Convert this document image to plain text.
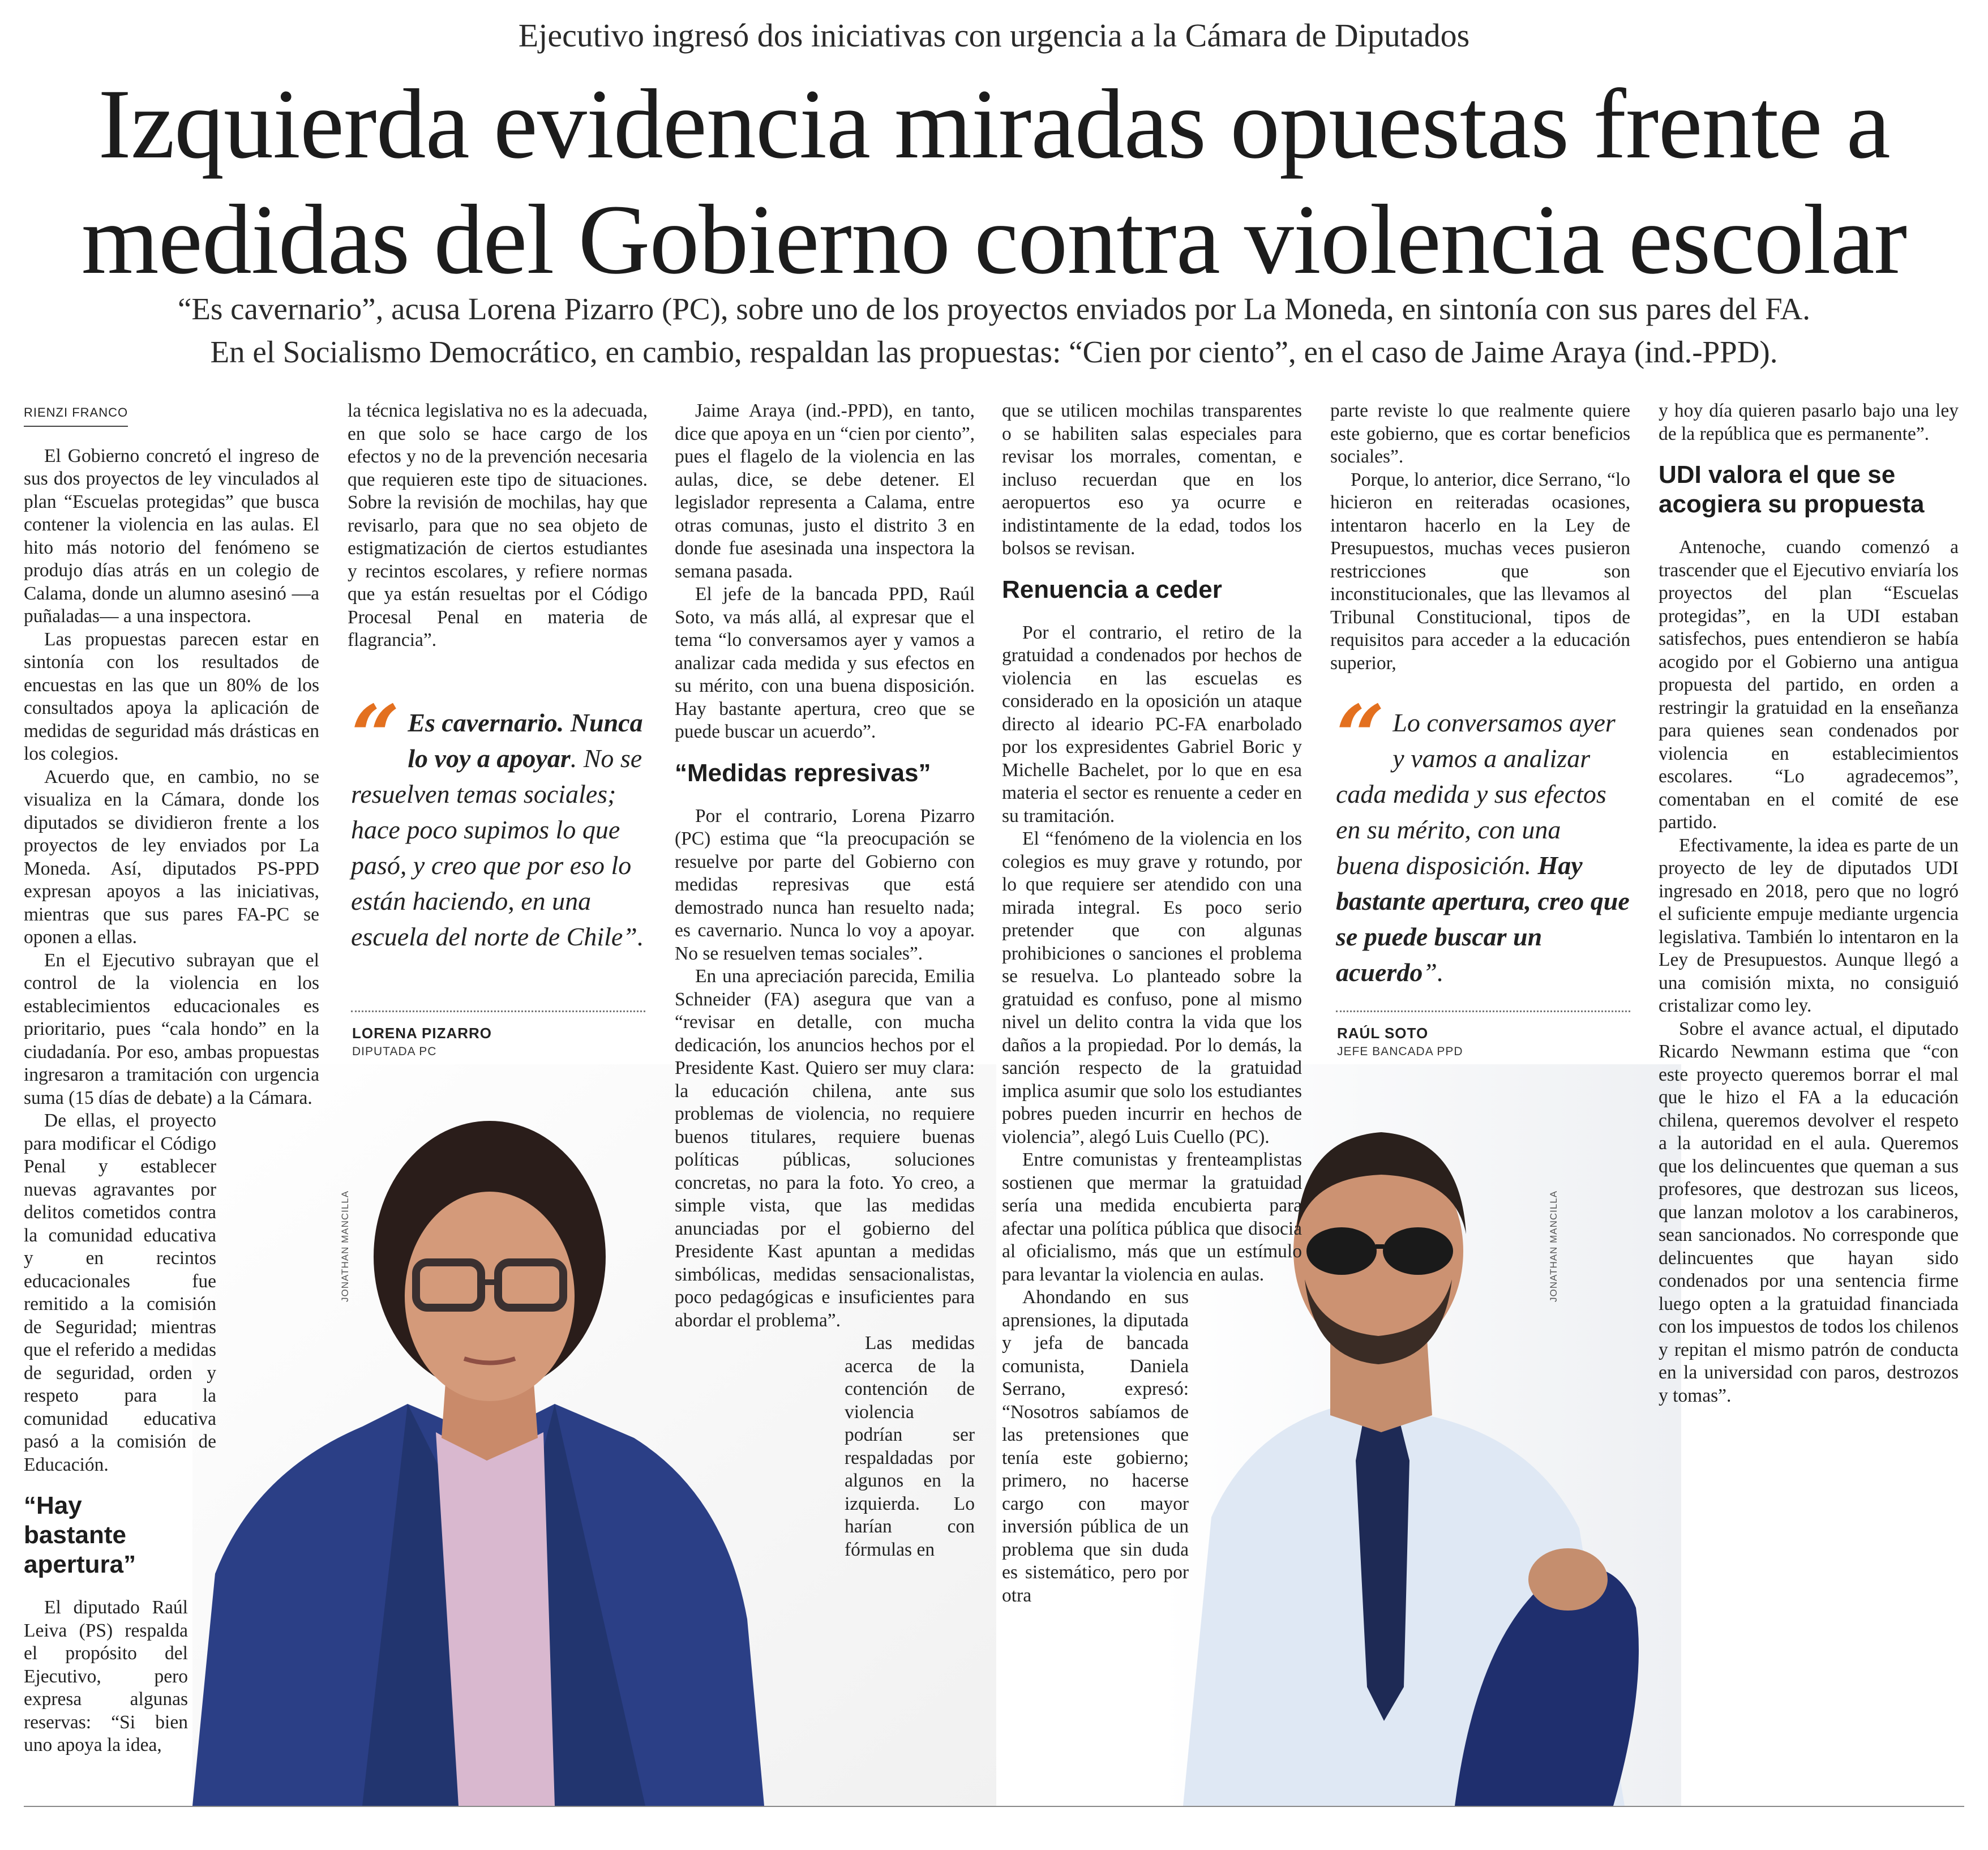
Ejecutivo ingresó dos iniciativas con urgencia a la Cámara de Diputados
Izquierda evidencia miradas opuestas frente a
medidas del Gobierno contra violencia escolar
“Es cavernario”, acusa Lorena Pizarro (PC), sobre uno de los proyectos enviados por La Moneda, en sintonía con sus pares del FA.
En el Socialismo Democrático, en cambio, respaldan las propuestas: “Cien por ciento”, en el caso de Jaime Araya (ind.-PPD).
JONATHAN MANCILLA	JONATHAN MANCILLA
RIENZI FRANCO

El Gobierno concretó el ingreso de sus dos proyectos de ley vinculados al plan “Escuelas protegidas” que busca contener la violencia en las aulas. El hito más notorio del fenómeno se produjo días atrás en un colegio de Calama, donde un alumno asesinó —a puñaladas— a una inspectora.

Las propuestas parecen estar en sintonía con los resultados de encuestas en las que un 80% de los consultados apoya la aplicación de medidas de seguridad más drásticas en los colegios.

Acuerdo que, en cambio, no se visualiza en la Cámara, donde los diputados se dividieron frente a los proyectos de ley enviados por La Moneda. Así, diputados PS-PPD expresan apoyos a las iniciativas, mientras que sus pares FA-PC se oponen a ellas.

En el Ejecutivo subrayan que el control de la violencia en los establecimientos educacionales es prioritario, pues “cala hondo” en la ciudadanía. Por eso, ambas propuestas ingresaron a tramitación con urgencia suma (15 días de debate) a la Cámara.

De ellas, el proyecto para modificar el Código Penal y establecer nuevas agravantes por delitos cometidos contra la comunidad educativa y en recintos educacionales fue remitido a la comisión de Seguridad; mientras que el referido a medidas de seguridad, orden y respeto para la comunidad educativa pasó a la comisión de Educación.

“Hay bastante apertura”

El diputado Raúl Leiva (PS) respalda el propósito del Ejecutivo, pero expresa algunas reservas: “Si bien uno apoya la idea,

la técnica legislativa no es la adecuada, en que solo se hace cargo de los efectos y no de la prevención necesaria que requieren este tipo de situaciones. Sobre la revisión de mochilas, hay que revisarlo, para que no sea objeto de estigmatización de ciertos estudiantes y recintos escolares, y refiere normas que ya están resueltas por el Código Procesal Penal en materia de flagrancia”.

“ Es cavernario. Nunca lo voy a apoyar. No se resuelven temas sociales; hace poco supimos lo que pasó, y creo que por eso lo están haciendo, en una escuela del norte de Chile”.
LORENA PIZARRO
DIPUTADA PC

Jaime Araya (ind.-PPD), en tanto, dice que apoya en un “cien por ciento”, pues el flagelo de la violencia en las aulas, dice, se debe detener. El legislador representa a Calama, entre otras comunas, justo el distrito 3 en donde fue asesinada una inspectora la semana pasada.

El jefe de la bancada PPD, Raúl Soto, va más allá, al expresar que el tema “lo conversamos ayer y vamos a analizar cada medida y sus efectos en su mérito, con una buena disposición. Hay bastante apertura, creo que se puede buscar un acuerdo”.

“Medidas represivas”

Por el contrario, Lorena Pizarro (PC) estima que “la preocupación se resuelve por parte del Gobierno con medidas represivas que está demostrado nunca han resuelto nada; es cavernario. Nunca lo voy a apoyar. No se resuelven temas sociales”.

En una apreciación parecida, Emilia Schneider (FA) asegura que van a “revisar en detalle, con mucha dedicación, los anuncios hechos por el Presidente Kast. Quiero ser muy clara: la educación chilena, ante sus problemas de violencia, no requiere buenos titulares, requiere buenas políticas públicas, soluciones concretas, no para la foto. Yo creo, a simple vista, que las medidas anunciadas por el gobierno del Presidente Kast apuntan a medidas simbólicas, medidas sensacionalistas, poco pedagógicas e insuficientes para abordar el problema”.

Las medidas acerca de la contención de violencia podrían ser respaldadas por algunos en la izquierda. Lo harían con fórmulas en

que se utilicen mochilas transparentes o se habiliten salas especiales para revisar los morrales, comentan, e incluso recuerdan que en los aeropuertos eso ya ocurre e indistintamente de la edad, todos los bolsos se revisan.

Renuencia a ceder

Por el contrario, el retiro de la gratuidad a condenados por hechos de violencia en las escuelas es considerado en la oposición un ataque directo al ideario PC-FA enarbolado por los expresidentes Gabriel Boric y Michelle Bachelet, por lo que en esa materia el sector es renuente a ceder en su tramitación.

El “fenómeno de la violencia en los colegios es muy grave y rotundo, por lo que requiere ser atendido con una mirada integral. Es poco serio pretender que con algunas prohibiciones o sanciones el problema se resuelva. Lo planteado sobre la gratuidad es confuso, pone al mismo nivel un delito contra la vida que los daños a la propiedad. Por lo demás, la sanción respecto de la gratuidad implica asumir que solo los estudiantes pobres pueden incurrir en hechos de violencia”, alegó Luis Cuello (PC).

Entre comunistas y frenteamplistas sostienen que mermar la gratuidad sería una medida encubierta para afectar una política pública que disocia al oficialismo, más que un estímulo para levantar la violencia en aulas.

Ahondando en sus aprensiones, la diputada y jefa de bancada comunista, Daniela Serrano, expresó: “Nosotros sabíamos de las pretensiones que tenía este gobierno; primero, no hacerse cargo con mayor inversión pública de un problema que sin duda es sistemático, pero por otra

parte reviste lo que realmente quiere este gobierno, que es cortar beneficios sociales”.

Porque, lo anterior, dice Serrano, “lo hicieron en reiteradas ocasiones, intentaron hacerlo en la Ley de Presupuestos, muchas veces pusieron restricciones que son inconstitucionales, que las llevamos al Tribunal Constitucional, tipos de requisitos para acceder a la educación superior,

“ Lo conversamos ayer y vamos a analizar cada medida y sus efectos en su mérito, con una buena disposición. Hay bastante apertura, creo que se puede buscar un acuerdo”.
RAÚL SOTO
JEFE BANCADA PPD

y hoy día quieren pasarlo bajo una ley de la república que es permanente”.

UDI valora el que se acogiera su propuesta

Antenoche, cuando comenzó a trascender que el Ejecutivo enviaría los proyectos del plan “Escuelas protegidas”, en la UDI estaban satisfechos, pues entendieron se había acogido por el Gobierno una antigua propuesta del partido, en orden a restringir la gratuidad en la enseñanza para quienes sean condenados por violencia en establecimientos escolares. “Lo agradecemos”, comentaban en el comité de ese partido.

Efectivamente, la idea es parte de un proyecto de ley de diputados UDI ingresado en 2018, pero que no logró el suficiente empuje mediante urgencia legislativa. También lo intentaron en la Ley de Presupuestos. Aunque llegó a una comisión mixta, no consiguió cristalizar como ley.

Sobre el avance actual, el diputado Ricardo Newmann estima que “con este proyecto queremos borrar el mal que le hizo el FA a la educación chilena, queremos devolver el respeto a la autoridad en el aula. Queremos que los delincuentes que queman a sus profesores, que destrozan sus liceos, que lanzan molotov a los carabineros, sean sancionados. No corresponde que delincuentes que hayan sido condenados por una sentencia firme luego opten a la gratuidad financiada con los impuestos de todos los chilenos y repitan el mismo patrón de conducta en la universidad con paros, destrozos y tomas”.
